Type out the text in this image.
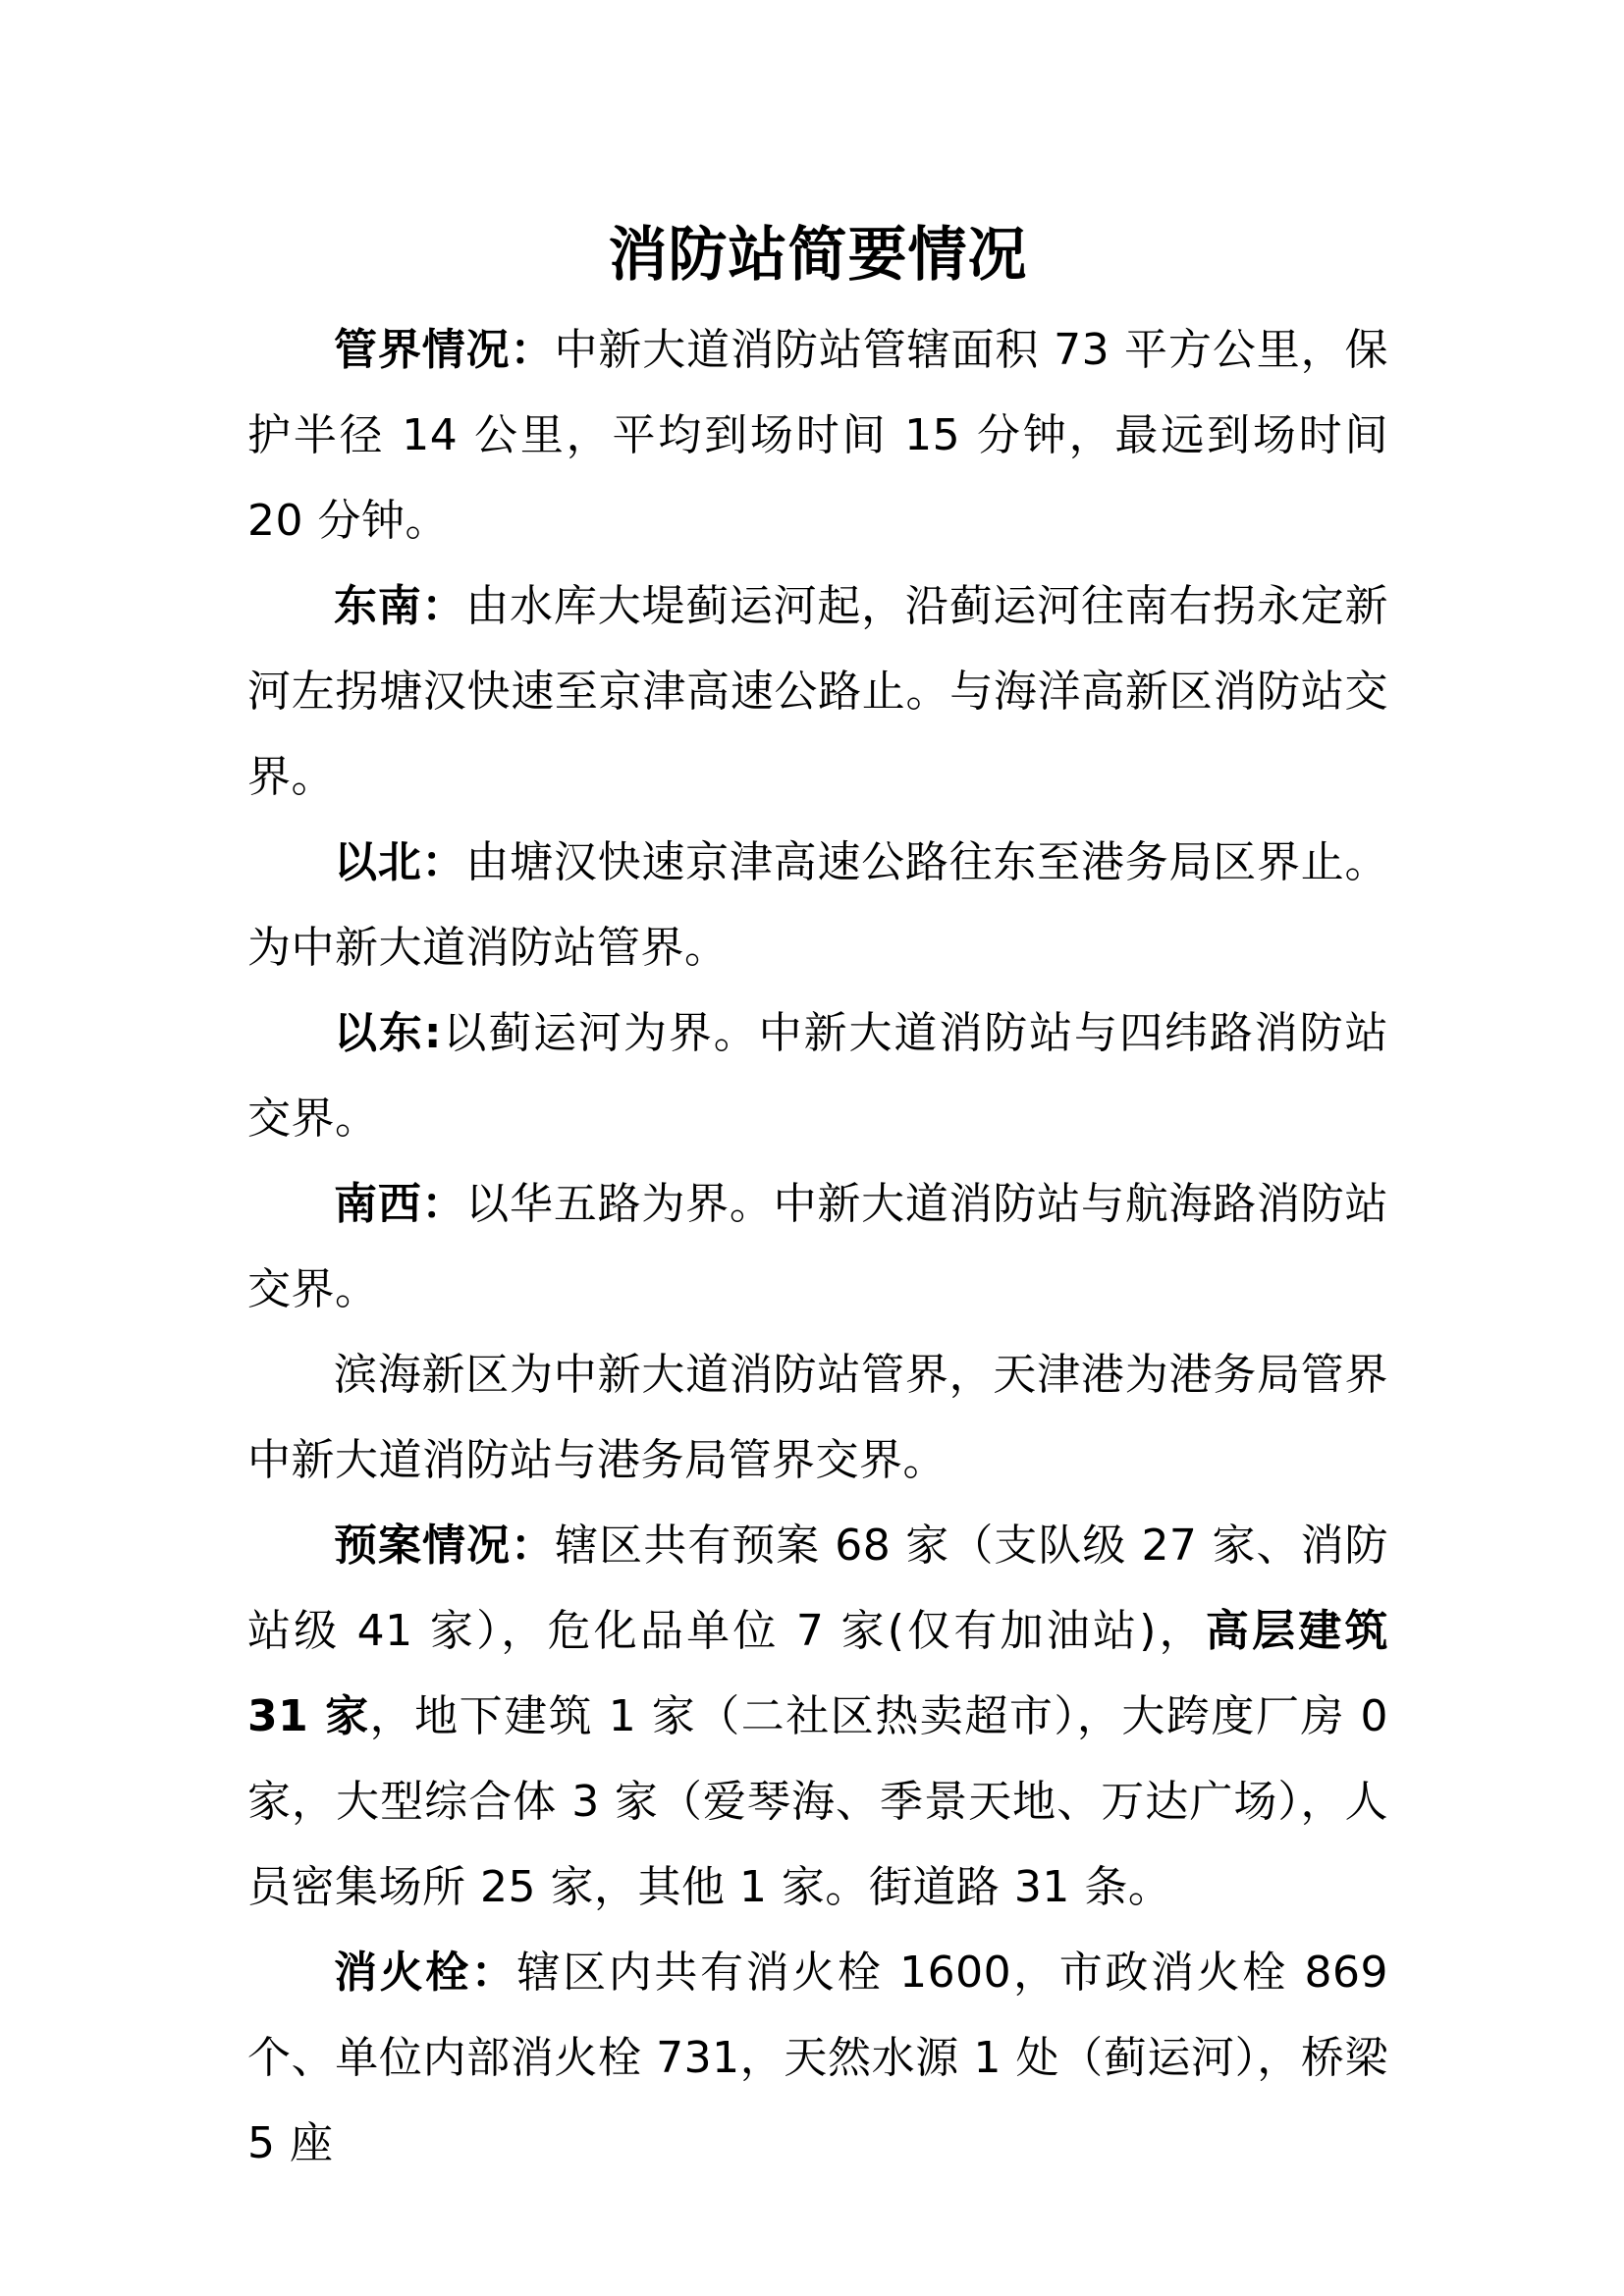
消防站简要情况

管界情况：中新大道消防站管辖面积 73 平方公里，保护半径 14 公里，平均到场时间 15 分钟，最远到场时间 20 分钟。

东南：由水库大堤蓟运河起，沿蓟运河往南右拐永定新河左拐塘汉快速至京津高速公路止。与海洋高新区消防站交界。

以北：由塘汉快速京津高速公路往东至港务局区界止。为中新大道消防站管界。

以东:以蓟运河为界。中新大道消防站与四纬路消防站交界。

南西：以华五路为界。中新大道消防站与航海路消防站交界。

滨海新区为中新大道消防站管界，天津港为港务局管界中新大道消防站与港务局管界交界。

预案情况：辖区共有预案 68 家（支队级 27 家、消防站级 41 家），危化品单位 7 家(仅有加油站)，高层建筑 31 家，地下建筑 1 家（二社区热卖超市），大跨度厂房 0 家，大型综合体 3 家（爱琴海、季景天地、万达广场），人员密集场所 25 家，其他 1 家。街道路 31 条。

消火栓：辖区内共有消火栓 1600，市政消火栓 869 个、单位内部消火栓 731，天然水源 1 处（蓟运河），桥梁 5 座
